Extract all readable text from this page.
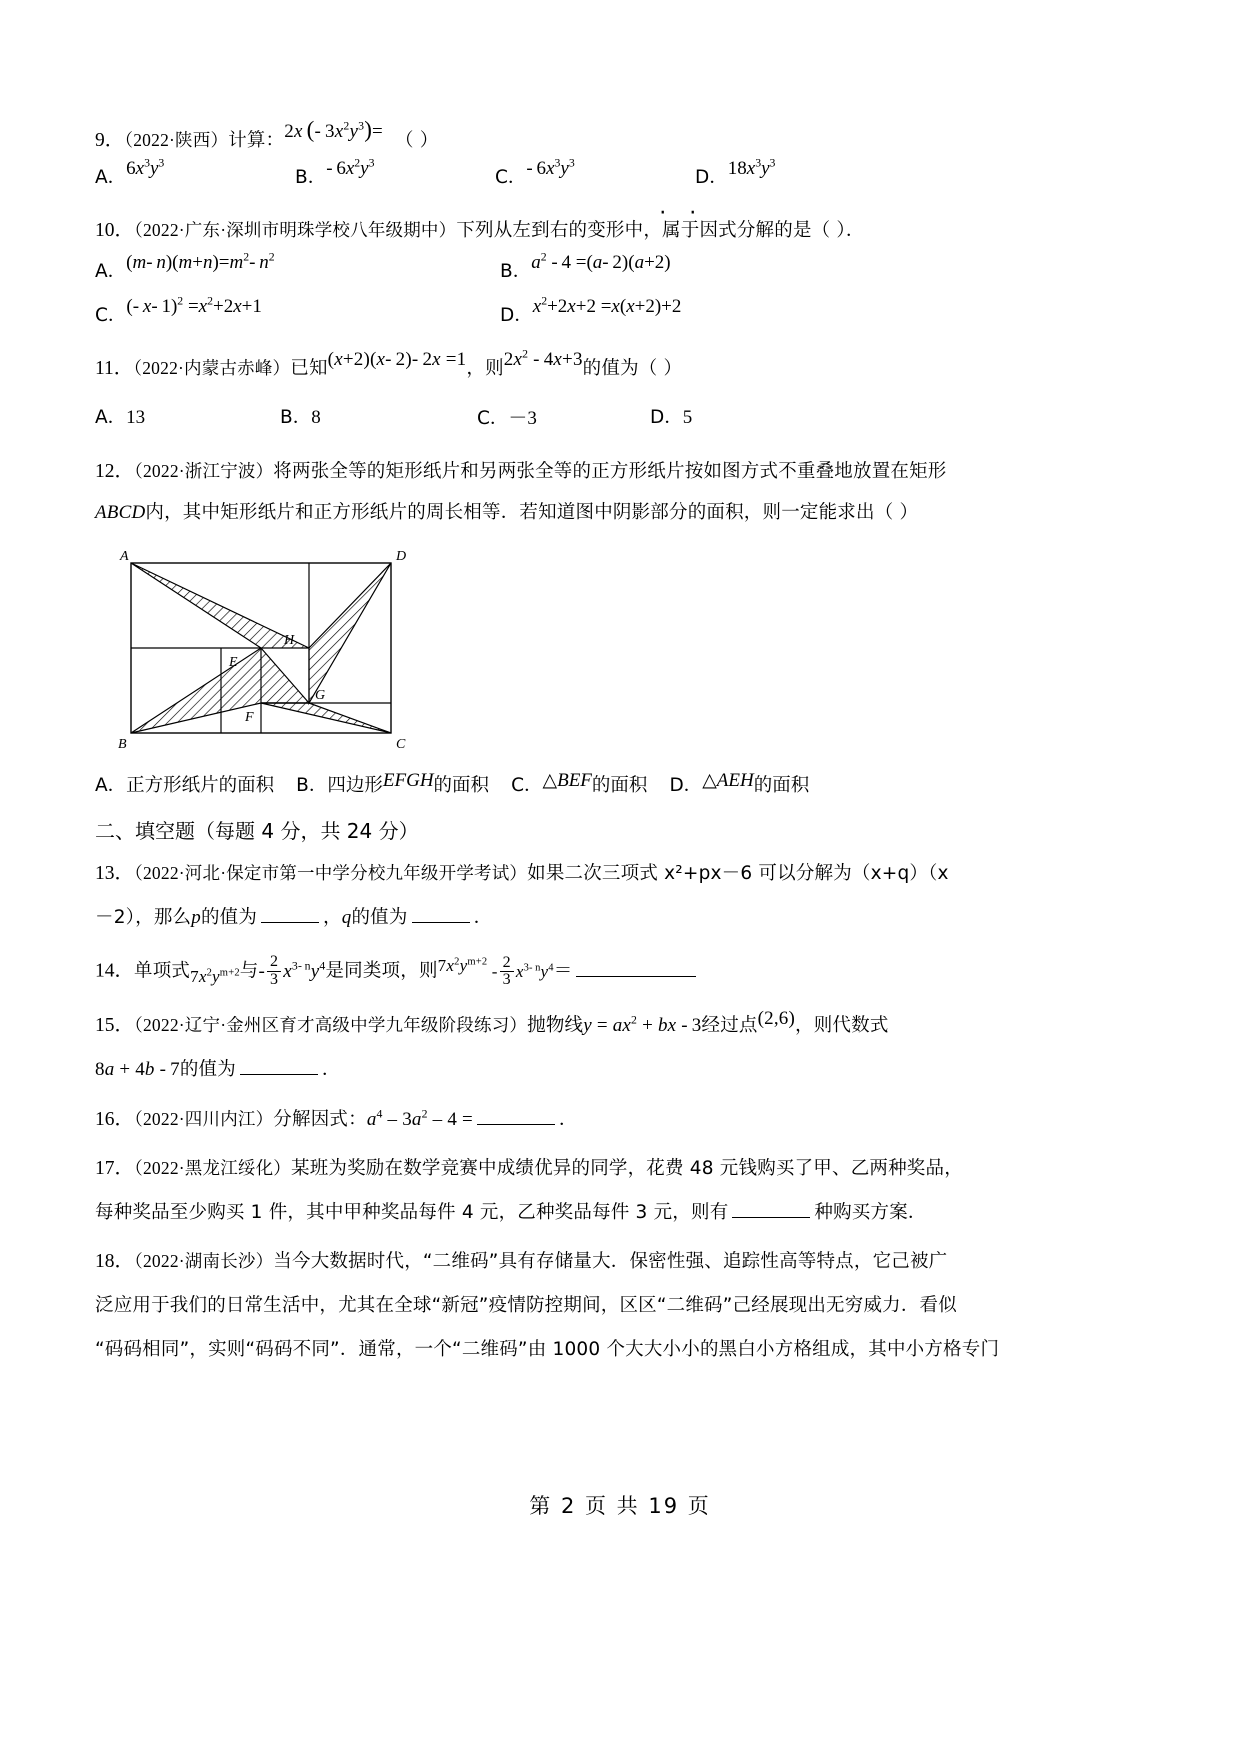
9．（2022·陕西）计算：2x  (- $3x^2y^3)=$ （ ）
A．$6x^3y^3$
B．- $6x^2y^3$
C．- $6x^3y^3$
D．$18x^3y^3$
10．（2022·广东·深圳市明珠学校八年级期中）下列从左到右的变形中，属于 · ·因式分解的是（ ）．
A．(m- $n)(m+n)=m^2-$ $n^2$
B．$a^2 - 4 =(a-$ 2)(a+2)
C．(- x- $1)^2 =x^2+2x+1$	D．$x^2+2x+2 =x(x+2)+2$
11．（2022·内蒙古赤峰）已知(x+2)(x- 2)- 2x =1，则$2x^2 - 4x+3$的值为（ ）
A．13	B．8	C．－3	D．5
12．（2022·浙江宁波）将两张全等的矩形纸片和另两张全等的正方形纸片按如图方式不重叠地放置在矩形
ABCD内，其中矩形纸片和正方形纸片的周长相等．若知道图中阴影部分的面积，则一定能求出（ ）
A	D
B	C
H
E
G
F
A．正方形纸片的面积 B．四边形EFGH的面积 C．△BEF的面积 D．△AEH的面积
二、填空题（每题 4 分，共 24 分）
13．（2022·河北·保定市第一中学分校九年级开学考试）如果二次三项式 x²+px－6 可以分解为（x+q）（x
－2），那么p的值为	，q的值为	．
14．单项式$7x^2y^{m+2}$与- $\frac{2}{3} x^{3- n}y^4$是同类项，则$7x^2y^{m+2} - \frac{2}{3} x^{3- n}y^4=$
15．（2022·辽宁·金州区育才高级中学九年级阶段练习）抛物线$y = ax^2$ + bx - 3经过点(2,6)，则代数式
8a + 4b - 7的值为	．
16．（2022·四川内江）分解因式：$a^4 - 3a^2 - 4$ =	．
17．（2022·黑龙江绥化）某班为奖励在数学竞赛中成绩优异的同学，花费 48 元钱购买了甲、乙两种奖品，
每种奖品至少购买 1 件，其中甲种奖品每件 4 元，乙种奖品每件 3 元，则有	种购买方案．
18．（2022·湖南长沙）当今大数据时代，“二维码”具有存储量大．保密性强、追踪性高等特点，它己被广
泛应用于我们的日常生活中，尤其在全球“新冠”疫情防控期间，区区“二维码”己经展现出无穷威力．看似
“码码相同”，实则“码码不同”．通常，一个“二维码”由 1000 个大大小小的黑白小方格组成，其中小方格专门
第 2 页 共 19 页
